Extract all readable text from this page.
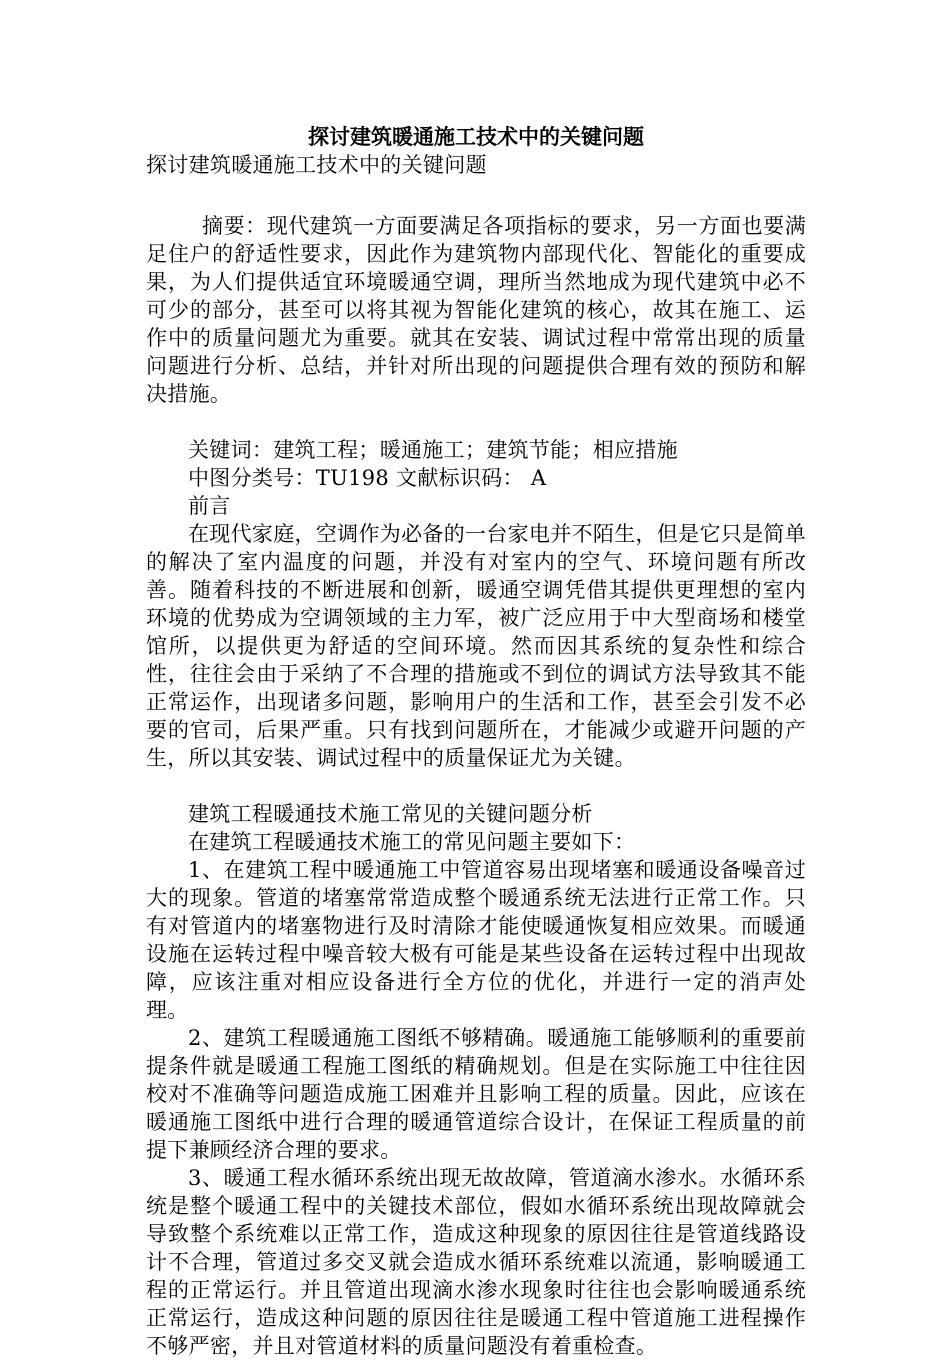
探讨建筑暖通施工技术中的关键问题

探讨建筑暖通施工技术中的关键问题

摘要：现代建筑一方面要满足各项指标的要求，另一方面也要满足住户的舒适性要求，因此作为建筑物内部现代化、智能化的重要成果，为人们提供适宜环境暖通空调，理所当然地成为现代建筑中必不可少的部分，甚至可以将其视为智能化建筑的核心，故其在施工、运作中的质量问题尤为重要。就其在安装、调试过程中常常出现的质量问题进行分析、总结，并针对所出现的问题提供合理有效的预防和解决措施。

关键词：建筑工程；暖通施工；建筑节能；相应措施

中图分类号：TU198 文献标识码： A

前言

在现代家庭，空调作为必备的一台家电并不陌生，但是它只是简单的解决了室内温度的问题，并没有对室内的空气、环境问题有所改善。随着科技的不断进展和创新，暖通空调凭借其提供更理想的室内环境的优势成为空调领域的主力军，被广泛应用于中大型商场和楼堂馆所，以提供更为舒适的空间环境。然而因其系统的复杂性和综合性，往往会由于采纳了不合理的措施或不到位的调试方法导致其不能正常运作，出现诸多问题，影响用户的生活和工作，甚至会引发不必要的官司，后果严重。只有找到问题所在，才能减少或避开问题的产生，所以其安装、调试过程中的质量保证尤为关键。

建筑工程暖通技术施工常见的关键问题分析

在建筑工程暖通技术施工的常见问题主要如下：

1、在建筑工程中暖通施工中管道容易出现堵塞和暖通设备噪音过大的现象。管道的堵塞常常造成整个暖通系统无法进行正常工作。只有对管道内的堵塞物进行及时清除才能使暖通恢复相应效果。而暖通设施在运转过程中噪音较大极有可能是某些设备在运转过程中出现故障，应该注重对相应设备进行全方位的优化，并进行一定的消声处理。

2、建筑工程暖通施工图纸不够精确。暖通施工能够顺利的重要前提条件就是暖通工程施工图纸的精确规划。但是在实际施工中往往因校对不准确等问题造成施工困难并且影响工程的质量。因此，应该在暖通施工图纸中进行合理的暖通管道综合设计，在保证工程质量的前提下兼顾经济合理的要求。

3、暖通工程水循环系统出现无故故障，管道滴水渗水。水循环系统是整个暖通工程中的关键技术部位，假如水循环系统出现故障就会导致整个系统难以正常工作，造成这种现象的原因往往是管道线路设计不合理，管道过多交叉就会造成水循环系统难以流通，影响暖通工程的正常运行。并且管道出现滴水渗水现象时往往也会影响暖通系统正常运行，造成这种问题的原因往往是暖通工程中管道施工进程操作不够严密，并且对管道材料的质量问题没有着重检查。
